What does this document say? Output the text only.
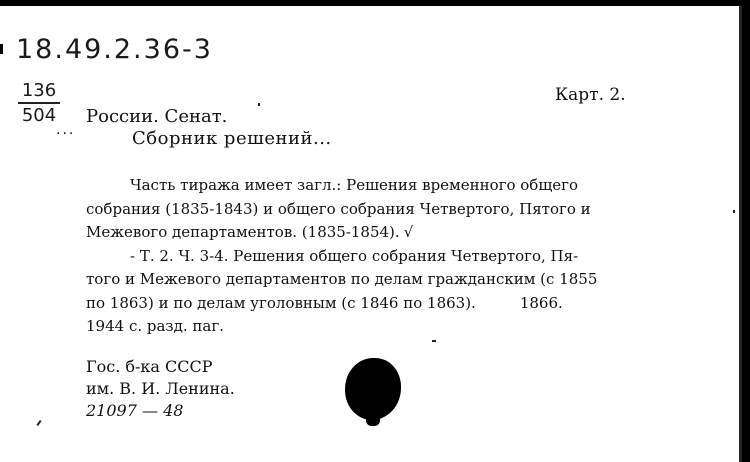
18.49.2.36-3
136
504
...
Карт. 2.
России. Сенат.
Сборник решений...
Часть тиража имеет загл.: Решения временного общего
собрания (1835-1843) и общего собрания Четвертого, Пятого и
Межевого департаментов. (1835-1854). √
- Т. 2. Ч. 3-4. Решения общего собрания Четвертого, Пя-
того и Межевого департаментов по делам гражданским (с 1855
по 1863) и по делам уголовным (с 1846 по 1863).	1866.
1944 с. разд. паг.
Гос. б-ка СССР
им. В. И. Ленина.
21097 — 48
